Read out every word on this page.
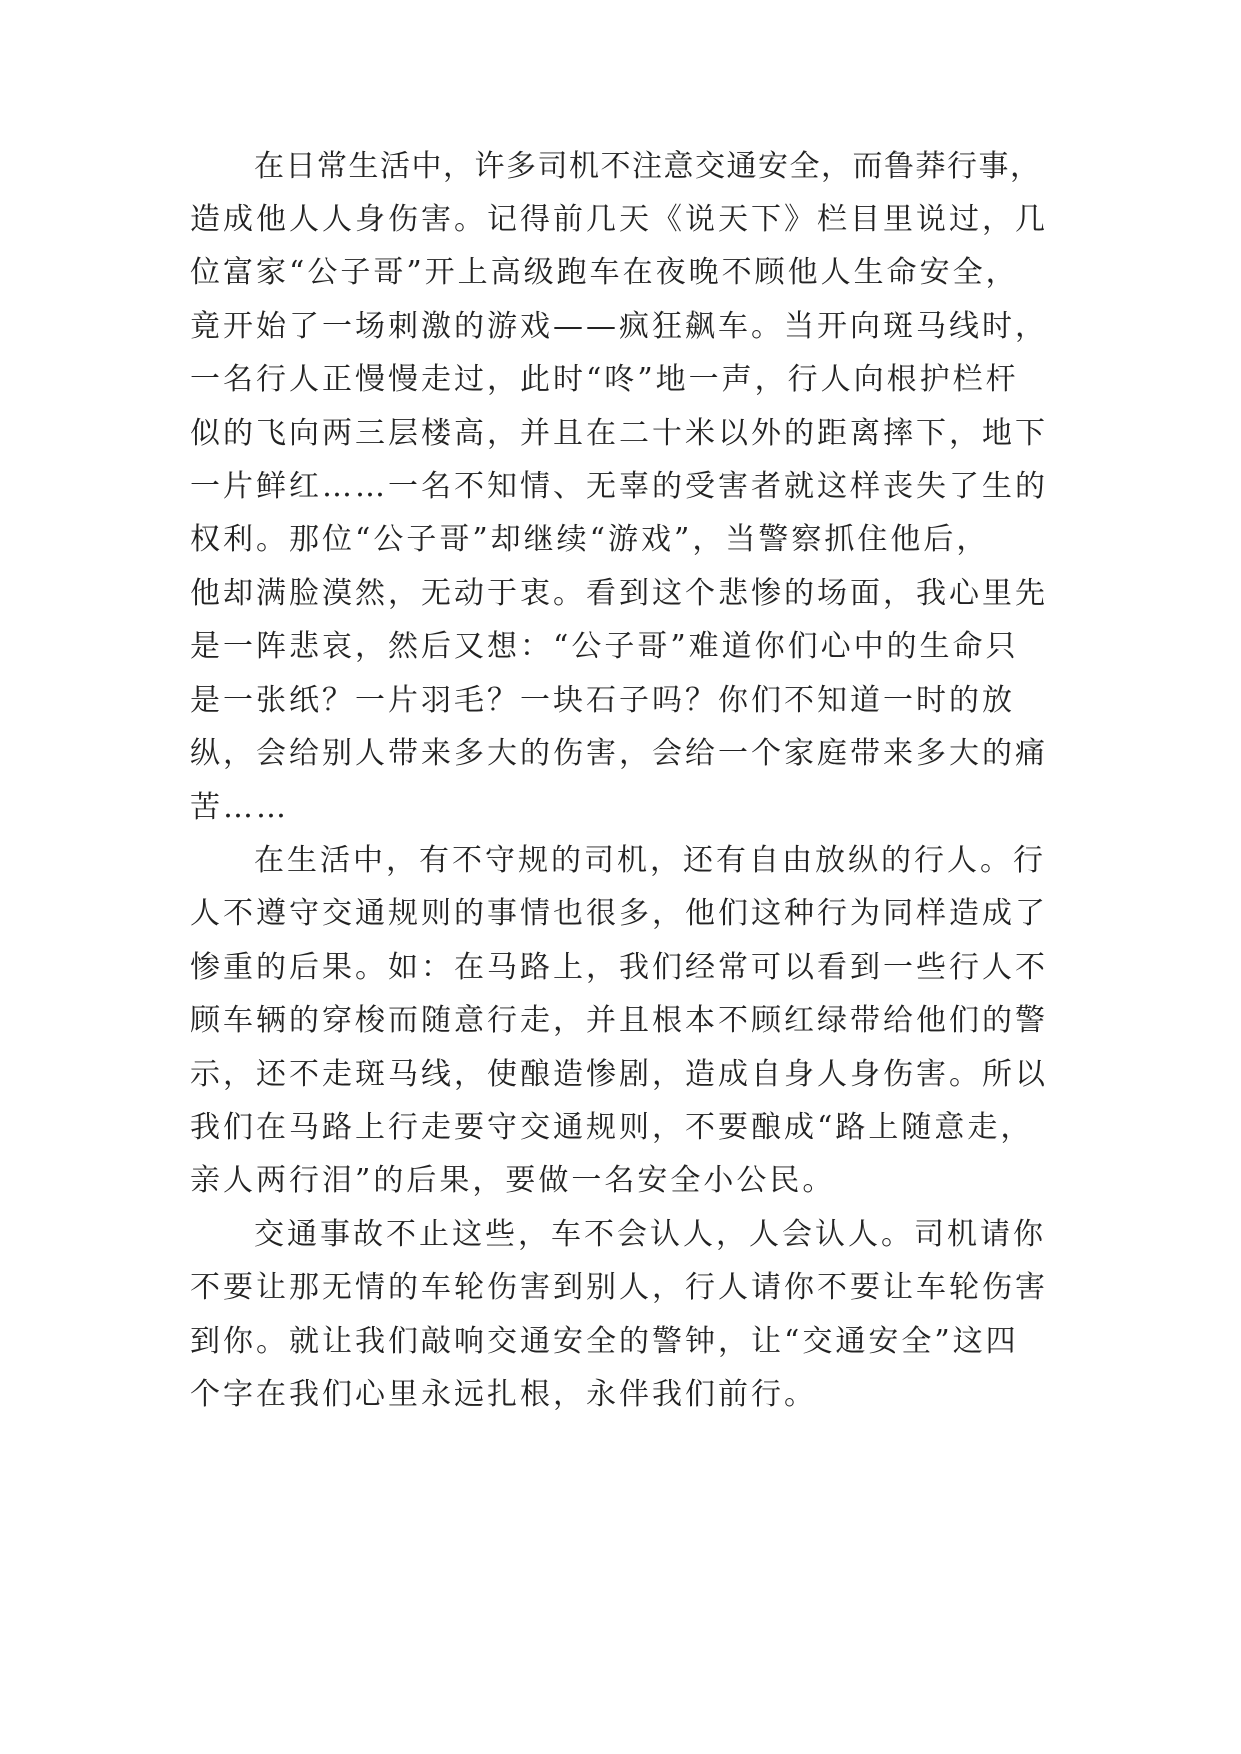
在日常生活中，许多司机不注意交通安全，而鲁莽行事，
造成他人人身伤害。记得前几天《说天下》栏目里说过，几
位富家“公子哥”开上高级跑车在夜晚不顾他人生命安全，
竟开始了一场刺激的游戏——疯狂飙车。当开向斑马线时，
一名行人正慢慢走过，此时“咚”地一声，行人向根护栏杆
似的飞向两三层楼高，并且在二十米以外的距离摔下，地下
一片鲜红……一名不知情、无辜的受害者就这样丧失了生的
权利。那位“公子哥”却继续“游戏”，当警察抓住他后，
他却满脸漠然，无动于衷。看到这个悲惨的场面，我心里先
是一阵悲哀，然后又想：“公子哥”难道你们心中的生命只
是一张纸？一片羽毛？一块石子吗？你们不知道一时的放
纵，会给别人带来多大的伤害，会给一个家庭带来多大的痛
苦……
在生活中，有不守规的司机，还有自由放纵的行人。行
人不遵守交通规则的事情也很多，他们这种行为同样造成了
惨重的后果。如：在马路上，我们经常可以看到一些行人不
顾车辆的穿梭而随意行走，并且根本不顾红绿带给他们的警
示，还不走斑马线，使酿造惨剧，造成自身人身伤害。所以
我们在马路上行走要守交通规则，不要酿成“路上随意走，
亲人两行泪”的后果，要做一名安全小公民。
交通事故不止这些，车不会认人，人会认人。司机请你
不要让那无情的车轮伤害到别人，行人请你不要让车轮伤害
到你。就让我们敲响交通安全的警钟，让“交通安全”这四
个字在我们心里永远扎根，永伴我们前行。
